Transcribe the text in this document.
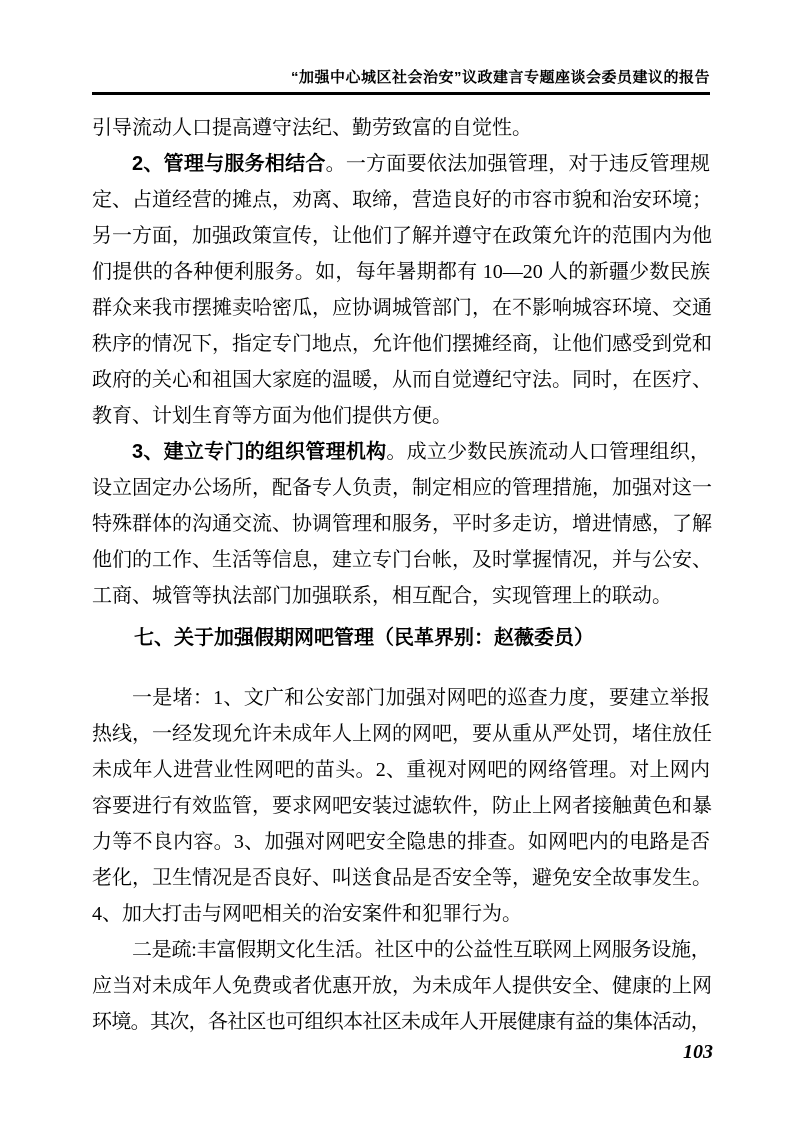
“加强中心城区社会治安”议政建言专题座谈会委员建议的报告
引导流动人口提高遵守法纪、勤劳致富的自觉性。
2、管理与服务相结合。一方面要依法加强管理，对于违反管理规
定、占道经营的摊点，劝离、取缔，营造良好的市容市貌和治安环境；
另一方面，加强政策宣传，让他们了解并遵守在政策允许的范围内为他
们提供的各种便利服务。如，每年暑期都有 10—20 人的新疆少数民族
群众来我市摆摊卖哈密瓜，应协调城管部门，在不影响城容环境、交通
秩序的情况下，指定专门地点，允许他们摆摊经商，让他们感受到党和
政府的关心和祖国大家庭的温暖，从而自觉遵纪守法。同时，在医疗、
教育、计划生育等方面为他们提供方便。
3、建立专门的组织管理机构。成立少数民族流动人口管理组织，
设立固定办公场所，配备专人负责，制定相应的管理措施，加强对这一
特殊群体的沟通交流、协调管理和服务，平时多走访，增进情感，了解
他们的工作、生活等信息，建立专门台帐，及时掌握情况，并与公安、
工商、城管等执法部门加强联系，相互配合，实现管理上的联动。
七、关于加强假期网吧管理（民革界别：赵薇委员）
一是堵：1、文广和公安部门加强对网吧的巡查力度，要建立举报
热线，一经发现允许未成年人上网的网吧，要从重从严处罚，堵住放任
未成年人进营业性网吧的苗头。2、重视对网吧的网络管理。对上网内
容要进行有效监管，要求网吧安装过滤软件，防止上网者接触黄色和暴
力等不良内容。3、加强对网吧安全隐患的排查。如网吧内的电路是否
老化，卫生情况是否良好、叫送食品是否安全等，避免安全故事发生。
4、加大打击与网吧相关的治安案件和犯罪行为。
二是疏:丰富假期文化生活。社区中的公益性互联网上网服务设施，
应当对未成年人免费或者优惠开放，为未成年人提供安全、健康的上网
环境。其次，各社区也可组织本社区未成年人开展健康有益的集体活动，
103
